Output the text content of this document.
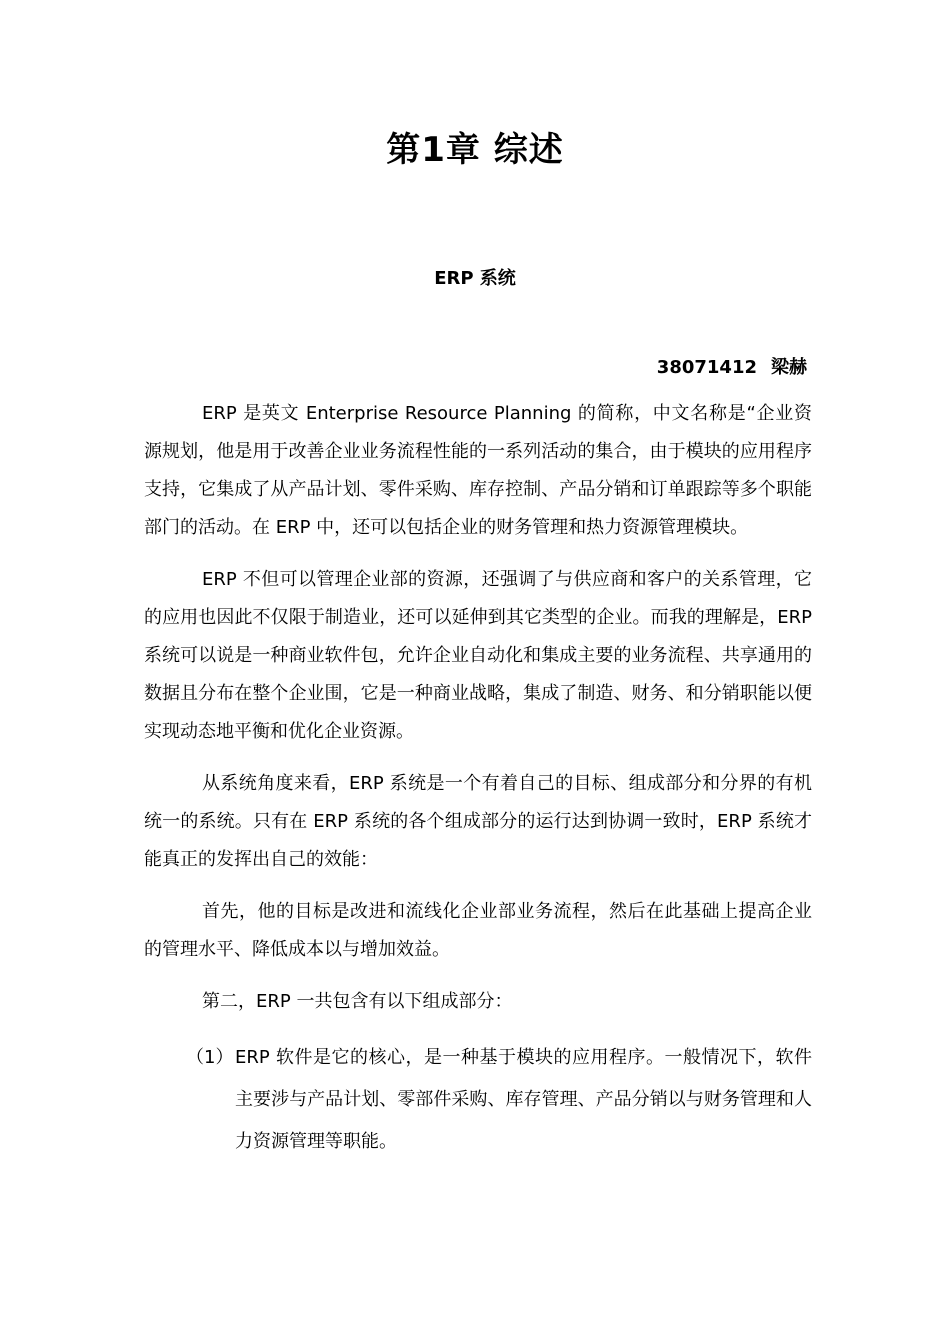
第1章 综述
ERP 系统
38071412 梁赫

ERP 是英文 Enterprise Resource Planning 的简称，中文名称是“企业资源规划，他是用于改善企业业务流程性能的一系列活动的集合，由于模块的应用程序支持，它集成了从产品计划、零件采购、库存控制、产品分销和订单跟踪等多个职能部门的活动。在 ERP 中，还可以包括企业的财务管理和热力资源管理模块。

ERP 不但可以管理企业部的资源，还强调了与供应商和客户的关系管理，它的应用也因此不仅限于制造业，还可以延伸到其它类型的企业。而我的理解是，ERP 系统可以说是一种商业软件包，允许企业自动化和集成主要的业务流程、共享通用的数据且分布在整个企业围，它是一种商业战略，集成了制造、财务、和分销职能以便实现动态地平衡和优化企业资源。

从系统角度来看，ERP 系统是一个有着自己的目标、组成部分和分界的有机统一的系统。只有在 ERP 系统的各个组成部分的运行达到协调一致时，ERP 系统才能真正的发挥出自己的效能：

首先，他的目标是改进和流线化企业部业务流程，然后在此基础上提高企业的管理水平、降低成本以与增加效益。

第二，ERP 一共包含有以下组成部分：

（1） ERP 软件是它的核心，是一种基于模块的应用程序。一般情况下，软件主要涉与产品计划、零部件采购、库存管理、产品分销以与财务管理和人力资源管理等职能。
